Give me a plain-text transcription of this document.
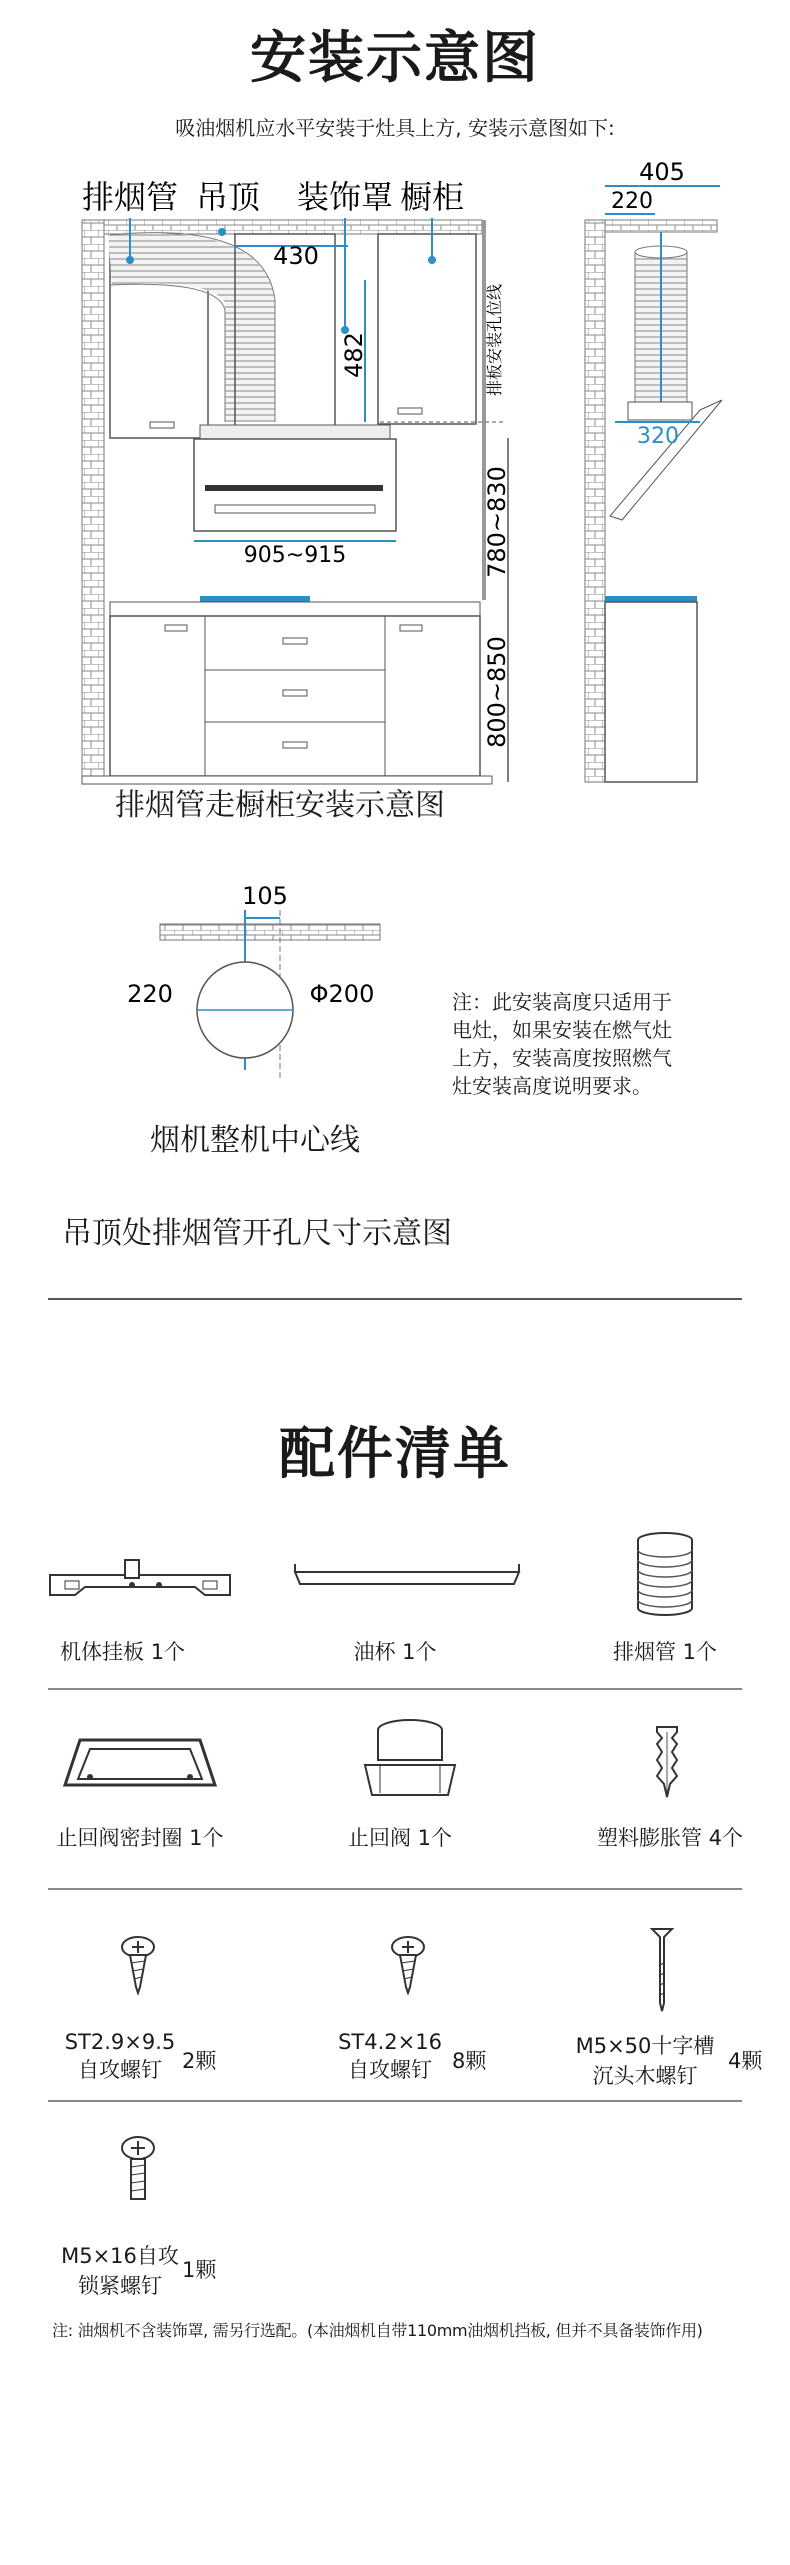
安装示意图
吸油烟机应水平安装于灶具上方, 安装示意图如下:
排烟管 吊顶 装饰罩 橱柜
430
482	排板安装孔位线
905~915	780~830
800~850
405
220
320
排烟管走橱柜安装示意图
105
220	Φ200
烟机整机中心线
注：此安装高度只适用于
电灶，如果安装在燃气灶
上方，安装高度按照燃气
灶安装高度说明要求。
吊顶处排烟管开孔尺寸示意图
配件清单
机体挂板 1个	油杯 1个	排烟管 1个
止回阀密封圈 1个	止回阀 1个	塑料膨胀管 4个
ST2.9×9.5
自攻螺钉 2颗
ST4.2×16
自攻螺钉 8颗
M5×50十字槽
沉头木螺钉
4颗
M5×16自攻
锁紧螺钉
1颗
注: 油烟机不含装饰罩, 需另行选配。(本油烟机自带110mm油烟机挡板, 但并不具备装饰作用)
